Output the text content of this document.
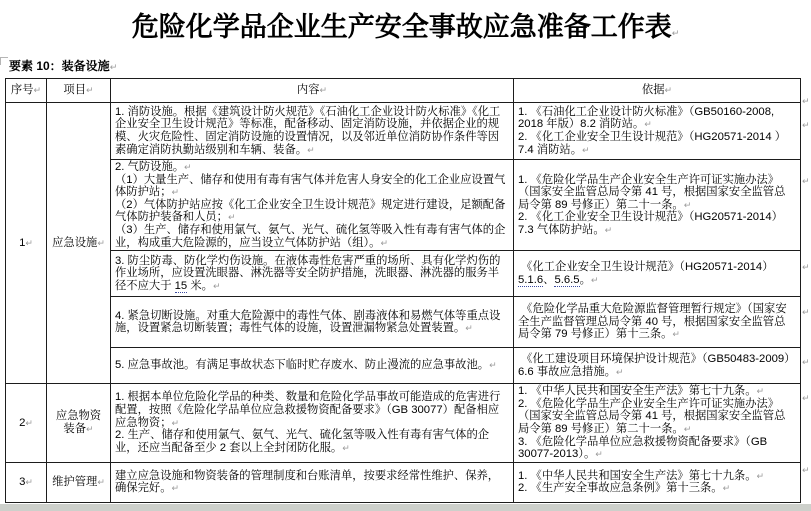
危险化学品企业生产安全事故应急准备工作表↵
要素 10：装备设施↵
序号↵	项目↵	内容↵	依据↵
1↵	应急设施↵	1. 消防设施。根据《建筑设计防火规范》《石油化工企业设计防火标准》《化工企业安全卫生设计规范》等标准，配备移动、固定消防设施，并依据企业的规模、火灾危险性、固定消防设施的设置情况，以及邻近单位消防协作条件等因素确定消防执勤站级别和车辆、装备。↵	1. 《石油化工企业设计防火标准》（GB50160-2008, 2018 年版）8.2 消防站。↵
2. 《化工企业安全卫生设计规范》（HG20571-2014 ）7.4 消防站。↵
		2. 气防设施。↵
（1）大量生产、储存和使用有毒有害气体并危害人身安全的化工企业应设置气体防护站；↵
（2）气体防护站应按《化工企业安全卫生设计规范》规定进行建设，足额配备气体防护装备和人员；↵
（3）生产、储存和使用氯气、氨气、光气、硫化氢等吸入性有毒有害气体的企业，构成重大危险源的，应当设立气体防护站（组）。↵	1. 《危险化学品生产企业安全生产许可证实施办法》（国家安全监管总局令第 41 号，根据国家安全监管总局令第 89 号修正）第二十一条。↵
2. 《化工企业安全卫生设计规范》（HG20571-2014）7.3 气体防护站。↵
		3. 防尘防毒、防化学灼伤设施。在液体毒性危害严重的场所、具有化学灼伤的作业场所，应设置洗眼器、淋洗器等安全防护措施，洗眼器、淋洗器的服务半径不应大于 15 米。↵	《化工企业安全卫生设计规范》（HG20571-2014）5.1.6、5.6.5。↵
		4. 紧急切断设施。对重大危险源中的毒性气体、剧毒液体和易燃气体等重点设施，设置紧急切断装置；毒性气体的设施，设置泄漏物紧急处置装置。↵	《危险化学品重大危险源监督管理暂行规定》（国家安全生产监督管理总局令第 40 号，根据国家安全监管总局令第 79 号修正）第十三条。↵
		5. 应急事故池。有满足事故状态下临时贮存废水、防止漫流的应急事故池。↵	《化工建设项目环境保护设计规范》（GB50483-2009）6.6 事故应急措施。↵
2↵	应急物资装备↵	1. 根据本单位危险化学品的种类、数量和危险化学品事故可能造成的危害进行配置，按照《危险化学品单位应急救援物资配备要求》（GB 30077）配备相应应急物资；↵
2. 生产、储存和使用氯气、氨气、光气、硫化氢等吸入性有毒有害气体的企业，还应当配备至少 2 套以上全封闭防化服。↵	1. 《中华人民共和国安全生产法》第七十九条。↵
2. 《危险化学品生产企业安全生产许可证实施办法》（国家安全监管总局令第 41 号，根据国家安全监管总局令第 89 号修正）第二十一条。↵
3. 《危险化学品单位应急救援物资配备要求》（GB 30077-2013）。↵
3↵	维护管理↵	建立应急设施和物资装备的管理制度和台账清单，按要求经常性维护、保养，确保完好。↵	1. 《中华人民共和国安全生产法》第七十九条。↵
2. 《生产安全事故应急条例》第十三条。↵
↵
↵
↵
↵
↵
↵
↵
↵
